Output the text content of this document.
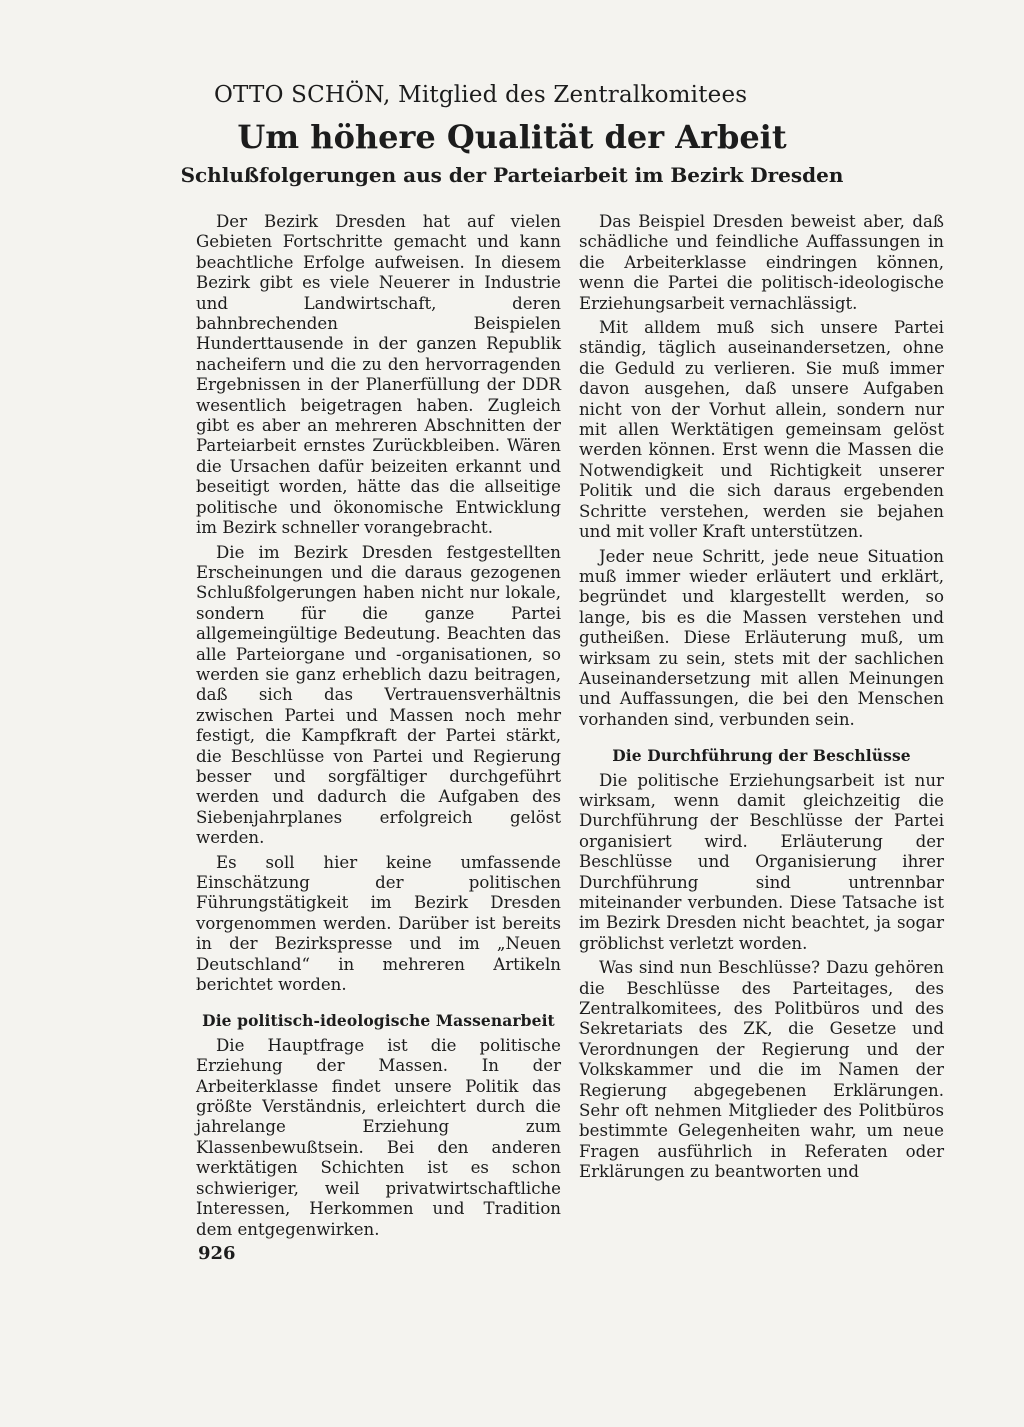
OTTO SCHÖN, Mitglied des Zentralkomitees
Um höhere Qualität der Arbeit
Schlußfolgerungen aus der Parteiarbeit im Bezirk Dresden

Der Bezirk Dresden hat auf vielen Gebieten Fortschritte gemacht und kann beachtliche Erfolge aufweisen. In diesem Bezirk gibt es viele Neuerer in Industrie und Landwirtschaft, deren bahnbrechenden Beispielen Hunderttausende in der ganzen Republik nacheifern und die zu den hervorragenden Ergebnissen in der Planerfüllung der DDR wesentlich beigetragen haben. Zugleich gibt es aber an mehreren Abschnitten der Parteiarbeit ernstes Zurückbleiben. Wären die Ursachen dafür beizeiten erkannt und beseitigt worden, hätte das die allseitige politische und ökonomische Entwicklung im Bezirk schneller vorangebracht.

Die im Bezirk Dresden festgestellten Erscheinungen und die daraus gezogenen Schlußfolgerungen haben nicht nur lokale, sondern für die ganze Partei allgemeingültige Bedeutung. Beachten das alle Parteiorgane und -organisationen, so werden sie ganz erheblich dazu beitragen, daß sich das Vertrauensverhältnis zwischen Partei und Massen noch mehr festigt, die Kampfkraft der Partei stärkt, die Beschlüsse von Partei und Regierung besser und sorgfältiger durchgeführt werden und dadurch die Aufgaben des Siebenjahrplanes erfolgreich gelöst werden.

Es soll hier keine umfassende Einschätzung der politischen Führungstätigkeit im Bezirk Dresden vorgenommen werden. Darüber ist bereits in der Bezirkspresse und im „Neuen Deutschland“ in mehreren Artikeln berichtet worden.

Die politisch-ideologische Massenarbeit

Die Hauptfrage ist die politische Erziehung der Massen. In der Arbeiterklasse findet unsere Politik das größte Verständnis, erleichtert durch die jahrelange Erziehung zum Klassenbewußtsein. Bei den anderen werktätigen Schichten ist es schon schwieriger, weil privatwirtschaftliche Interessen, Herkommen und Tradition dem entgegenwirken.

Das Beispiel Dresden beweist aber, daß schädliche und feindliche Auffassungen in die Arbeiterklasse eindringen können, wenn die Partei die politisch-ideologische Erziehungsarbeit vernachlässigt.

Mit alldem muß sich unsere Partei ständig, täglich auseinandersetzen, ohne die Geduld zu verlieren. Sie muß immer davon ausgehen, daß unsere Aufgaben nicht von der Vorhut allein, sondern nur mit allen Werktätigen gemeinsam gelöst werden können. Erst wenn die Massen die Notwendigkeit und Richtigkeit unserer Politik und die sich daraus ergebenden Schritte verstehen, werden sie bejahen und mit voller Kraft unterstützen.

Jeder neue Schritt, jede neue Situation muß immer wieder erläutert und erklärt, begründet und klargestellt werden, so lange, bis es die Massen verstehen und gutheißen. Diese Erläuterung muß, um wirksam zu sein, stets mit der sachlichen Auseinandersetzung mit allen Meinungen und Auffassungen, die bei den Menschen vorhanden sind, verbunden sein.

Die Durchführung der Beschlüsse

Die politische Erziehungsarbeit ist nur wirksam, wenn damit gleichzeitig die Durchführung der Beschlüsse der Partei organisiert wird. Erläuterung der Beschlüsse und Organisierung ihrer Durchführung sind untrennbar miteinander verbunden. Diese Tatsache ist im Bezirk Dresden nicht beachtet, ja sogar gröblichst verletzt worden.

Was sind nun Beschlüsse? Dazu gehören die Beschlüsse des Parteitages, des Zentralkomitees, des Politbüros und des Sekretariats des ZK, die Gesetze und Verordnungen der Regierung und der Volkskammer und die im Namen der Regierung abgegebenen Erklärungen. Sehr oft nehmen Mitglieder des Politbüros bestimmte Gelegenheiten wahr, um neue Fragen ausführlich in Referaten oder Erklärungen zu beantworten und

926
